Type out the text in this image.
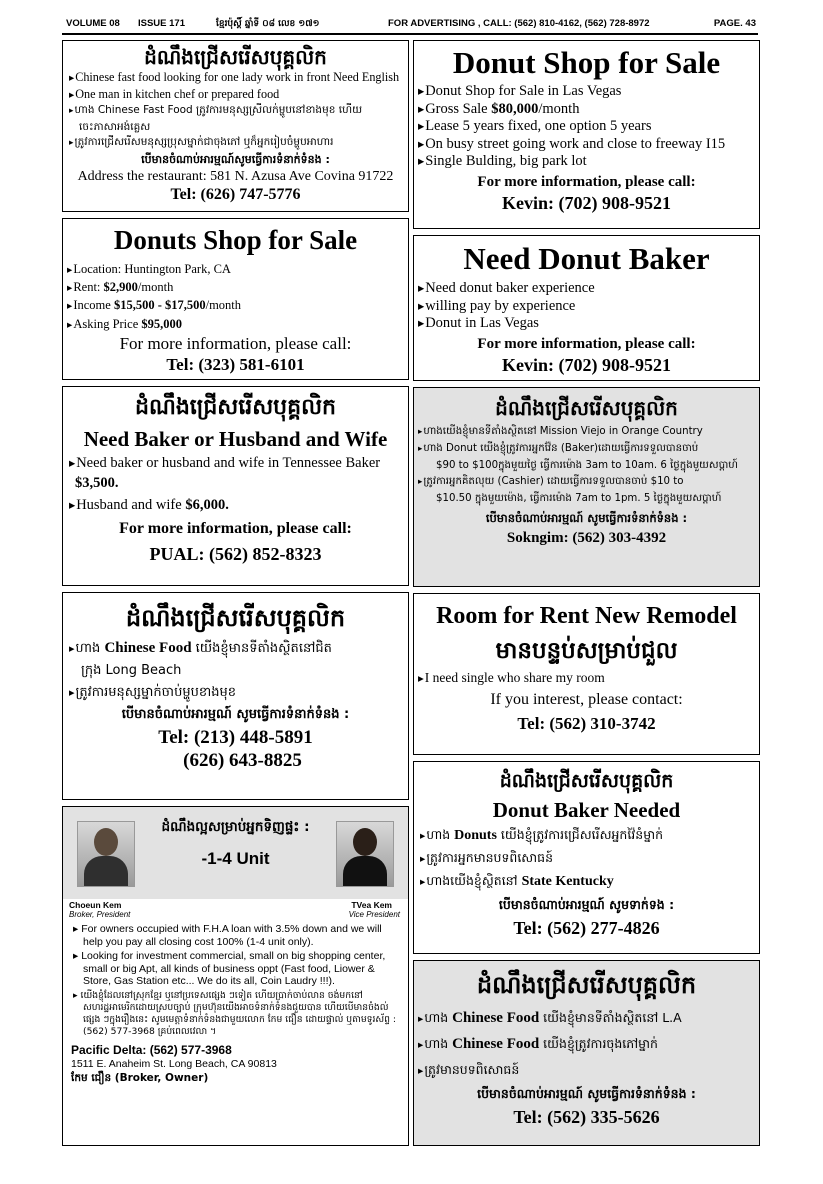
VOLUME 08 ISSUE 171	ខ្មែរប៉ុស្ដិ៍ ឆ្នាំទី ០៨ លេខ ១៧១	FOR ADVERTISING , CALL: (562) 810-4162, (562) 728-8972	PAGE. 43
ដំណឹងជ្រើសរើសបុគ្គលិក
▸ Chinese fast food looking for one lady work in front Need English
▸ One man in kitchen chef or prepared food
▸ ហាង Chinese Fast Food ត្រូវការមនុស្សស្រីលក់ម្ហូបនៅខាងមុខ ហើយ
ចេះភាសាអង់គ្លេស
▸ ត្រូវការជ្រើសរើសមនុស្សប្រុសម្នាក់ជាចុងភៅ ឬក៏អ្នករៀបចំម្ហូបអាហារ
បើមានចំណាប់អារម្មណ៍សូមធ្វើការទំនាក់ទំនង :
Address the restaurant: 581 N. Azusa Ave Covina 91722
Tel: (626) 747-5776
Donut Shop for Sale
▸ Donut Shop for Sale in Las Vegas
▸ Gross Sale $80,000/month
▸ Lease 5 years fixed, one option 5 years
▸ On busy street going work and close to freeway I15
▸ Single Bulding, big park lot
For more information, please call:
Kevin: (702) 908-9521
Donuts Shop for Sale
▸ Location: Huntington Park, CA
▸ Rent: $2,900/month
▸ Income $15,500 - $17,500/month
▸ Asking Price $95,000
For more information, please call:
Tel: (323) 581-6101
Need Donut Baker
▸ Need donut baker experience
▸ willing pay by experience
▸ Donut in Las Vegas
For more information, please call:
Kevin: (702) 908-9521
ដំណឹងជ្រើសរើសបុគ្គលិក
Need Baker or Husband and Wife
▸ Need baker or husband and wife in Tennessee Baker
$3,500.
▸ Husband and wife $6,000.
For more information, please call:
PUAL: (562) 852-8323
ដំណឹងជ្រើសរើសបុគ្គលិក
▸ ហាងយើងខ្ញុំមានទីតាំងស្ថិតនៅ Mission Viejo in Orange Country
▸ ហាង Donut យើងខ្ញុំត្រូវការអ្នកវ៉ែន (Baker)ដោយធ្វើការទទួលបានចាប់
$90 to $100ក្នុងមួយថ្ងៃ ធ្វើការម៉ោង 3am to 10am. 6 ថ្ងៃក្នុងមួយសប្តាហ៍
▸ ត្រូវការអ្នកគិតលុយ (Cashier) ដោយធ្វើការទទួលបានចាប់ $10 to
$10.50 ក្នុងមួយម៉ោង, ធ្វើការម៉ោង 7am to 1pm. 5 ថ្ងៃក្នុងមួយសប្តាហ៍
បើមានចំណាប់អារម្មណ៍ សូមធ្វើការទំនាក់ទំនង :
Sokngim: (562) 303-4392
ដំណឹងជ្រើសរើសបុគ្គលិក
▸ ហាង Chinese Food យើងខ្ញុំមានទីតាំងស្ថិតនៅជិត
ក្រុង Long Beach
▸ ត្រូវការមនុស្សម្នាក់ចាប់ម្ហូបខាងមុខ
បើមានចំណាប់អារម្មណ៍ សូមធ្វើការទំនាក់ទំនង :
Tel: (213) 448-5891
(626) 643-8825
Room for Rent New Remodel
មានបន្ទប់សម្រាប់ជួល
▸ I need single who share my room
If you interest, please contact:
Tel: (562) 310-3742
ដំណឹងល្អសម្រាប់អ្នកទិញផ្ទះ :
-1-4 Unit
Choeun Kem
Broker, President
TVea Kem
Vice President
▸ For owners occupied with F.H.A loan with 3.5% down and we will help you pay all closing cost 100% (1-4 unit only).
▸ Looking for investment commercial, small on big shopping center, small or big Apt, all kinds of business oppt (Fast food, Liower & Store, Gas Station etc... We do its all, Coin Laudry !!!).
▸ យើងខ្ញុំដែលនៅស្រុកខ្មែរ ឬនៅប្រទេសផ្សេង ៗទៀត ហើយប្រាក់ចាប់លាន ចង់មកនៅសហរដ្ឋអាមេរិកដោយស្របច្បាប់ ក្រុមហ៊ុនយើងអាចទំនាក់ទំនងជួយបាន ហើយបើមានចំងល់ផ្សេង ៗក្នុងរឿងនេះ សូមមេត្តាទំនាក់ទំនងជាមួយលោក កែម ជឿន ដោយផ្ទាល់ ឬតាមទូរស័ព្ទ : (562) 577-3968 គ្រប់ពេលវេលា ។
Pacific Delta: (562) 577-3968
1511 E. Anaheim St. Long Beach, CA 90813
កែម ជឿន (Broker, Owner)
ដំណឹងជ្រើសរើសបុគ្គលិក
Donut Baker Needed
▸ ហាង Donuts យើងខ្ញុំត្រូវការជ្រើសរើសអ្នកវ៉ៃនំម្នាក់
▸ ត្រូវការអ្នកមានបទពិសោធន៍
▸ ហាងយើងខ្ញុំស្ថិតនៅ State Kentucky
បើមានចំណាប់អារម្មណ៍ សូមទាក់ទង :
Tel: (562) 277-4826
ដំណឹងជ្រើសរើសបុគ្គលិក
▸ ហាង Chinese Food យើងខ្ញុំមានទីតាំងស្ថិតនៅ L.A
▸ ហាង Chinese Food យើងខ្ញុំត្រូវការចុងភៅម្នាក់
▸ ត្រូវមានបទពិសោធន៍
បើមានចំណាប់អារម្មណ៍ សូមធ្វើការទំនាក់ទំនង :
Tel: (562) 335-5626
